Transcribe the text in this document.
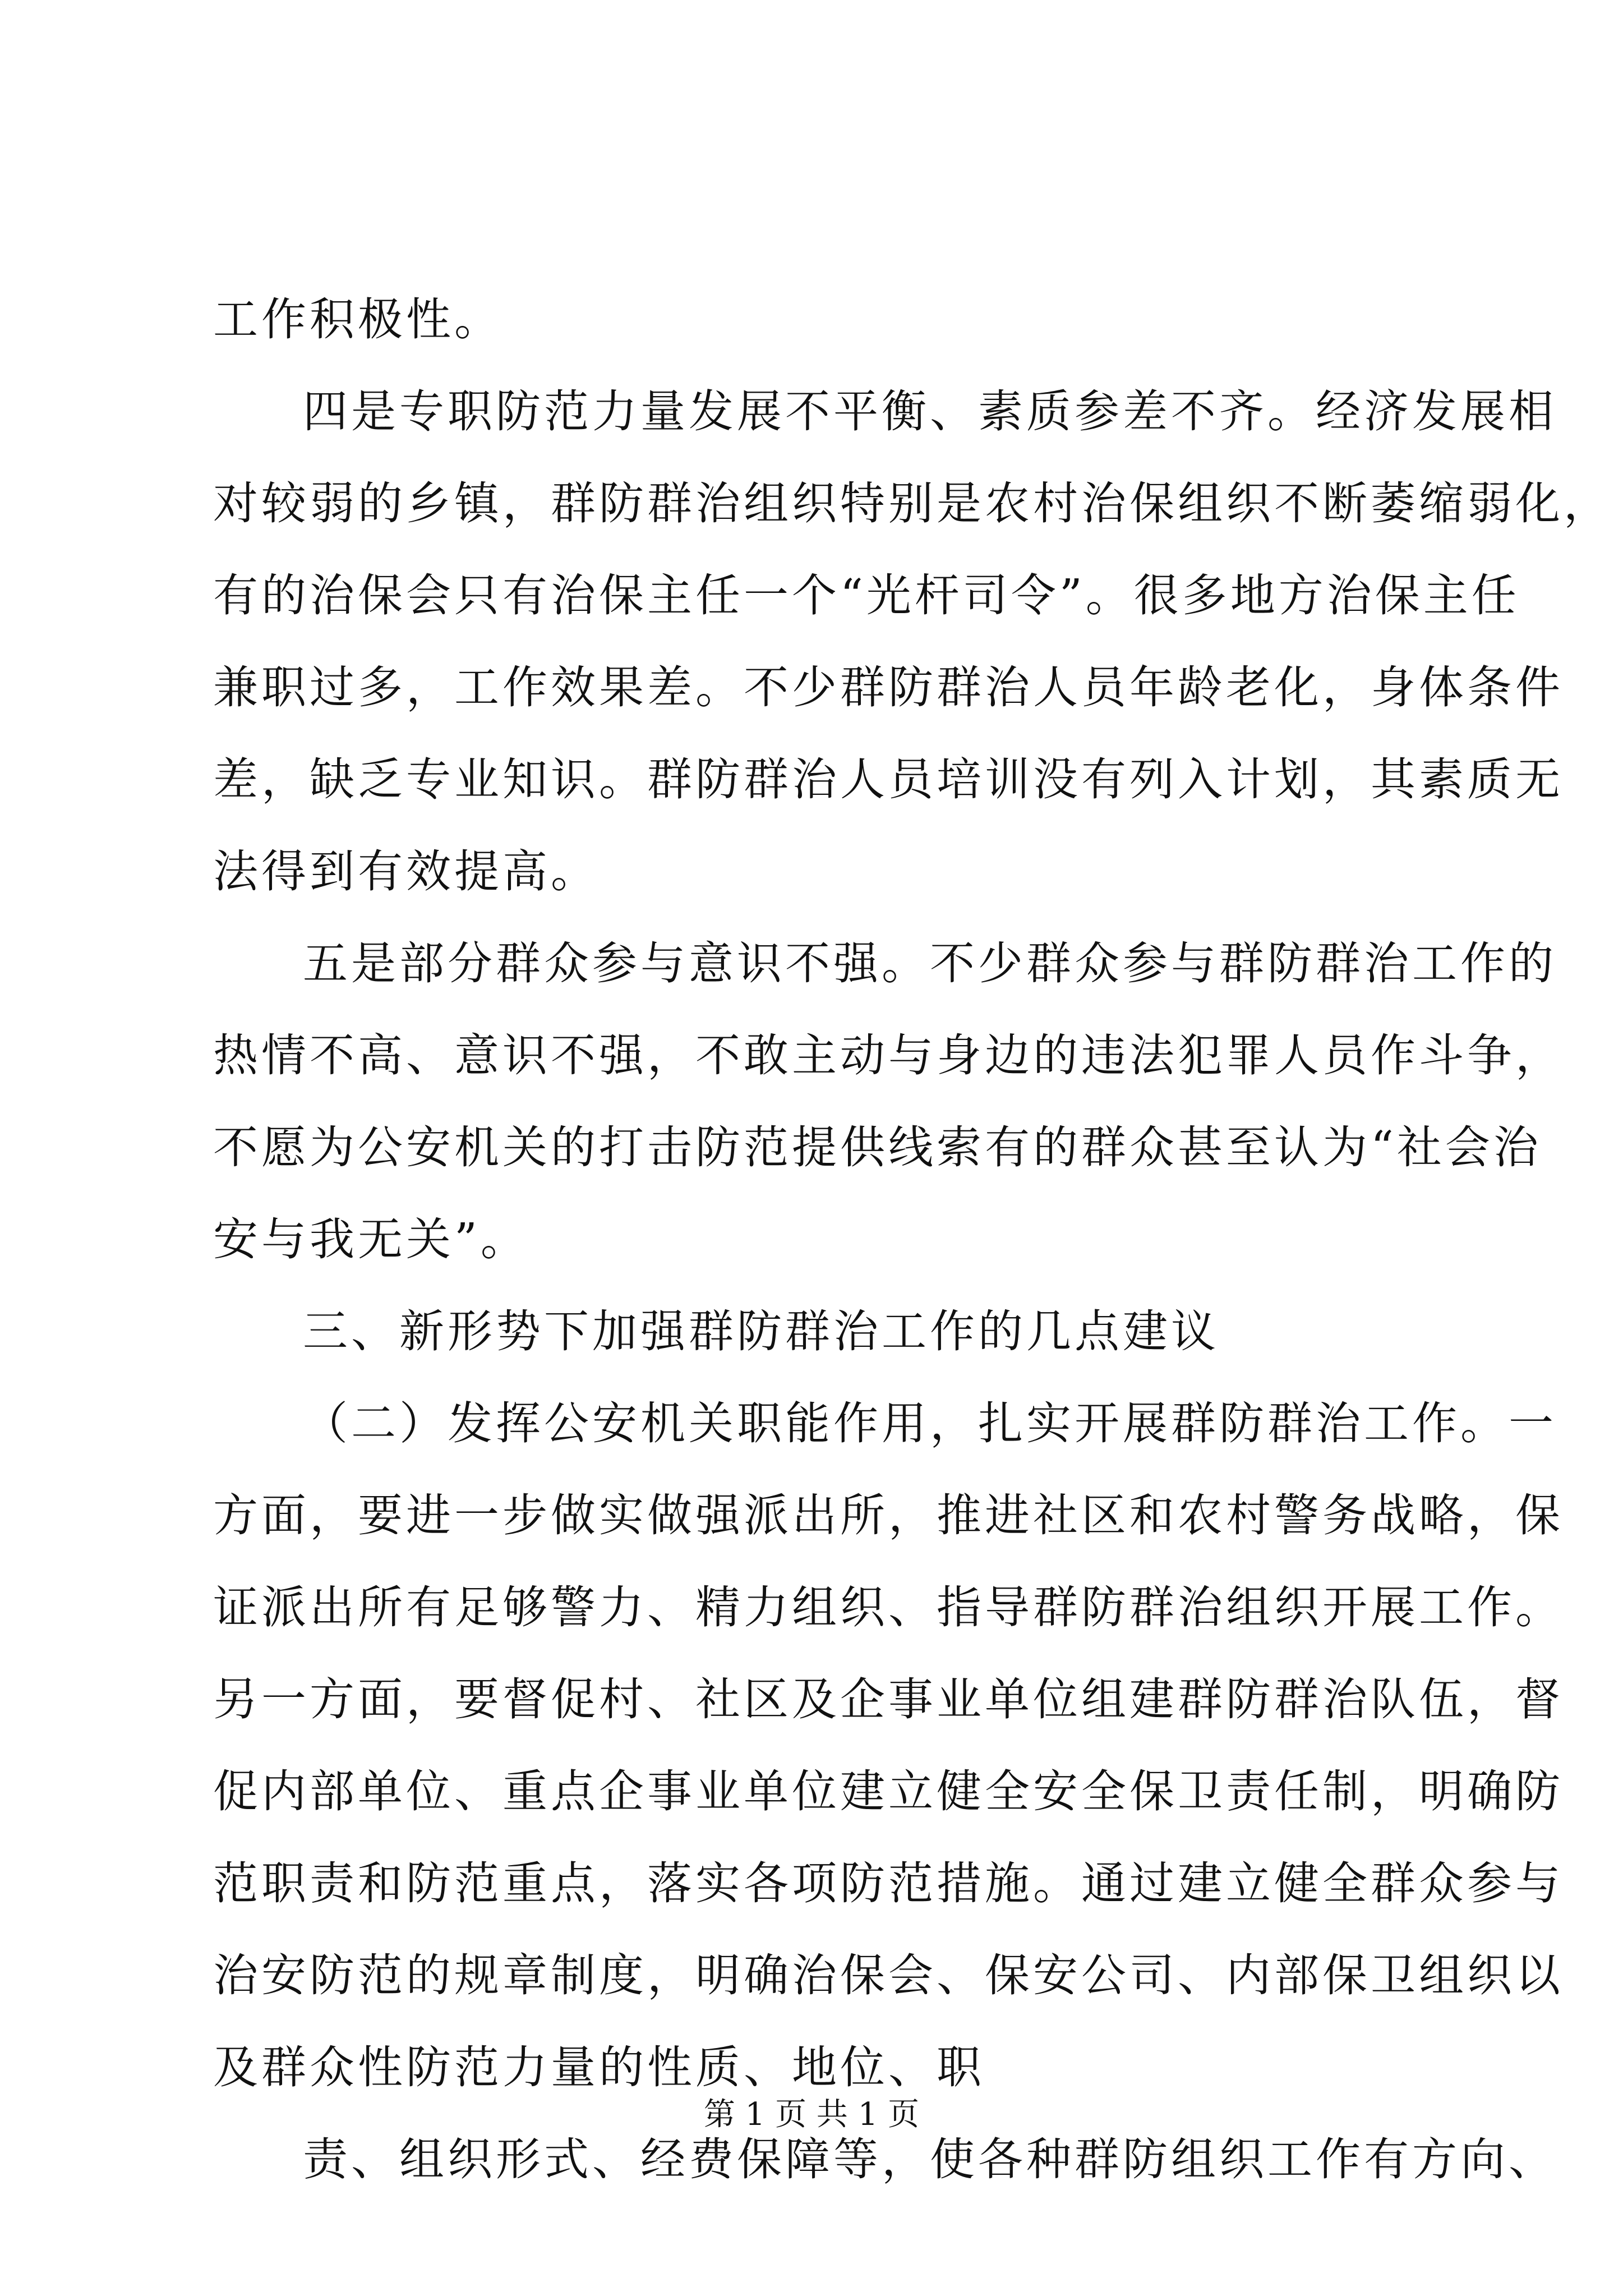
工作积极性。
四是专职防范力量发展不平衡、素质参差不齐。经济发展相
对较弱的乡镇，群防群治组织特别是农村治保组织不断萎缩弱化，
有的治保会只有治保主任一个“光杆司令”。很多地方治保主任
兼职过多，工作效果差。不少群防群治人员年龄老化，身体条件
差，缺乏专业知识。群防群治人员培训没有列入计划，其素质无
法得到有效提高。
五是部分群众参与意识不强。不少群众参与群防群治工作的
热情不高、意识不强，不敢主动与身边的违法犯罪人员作斗争，
不愿为公安机关的打击防范提供线索有的群众甚至认为“社会治
安与我无关”。
三、新形势下加强群防群治工作的几点建议
（二）发挥公安机关职能作用，扎实开展群防群治工作。一
方面，要进一步做实做强派出所，推进社区和农村警务战略，保
证派出所有足够警力、精力组织、指导群防群治组织开展工作。
另一方面，要督促村、社区及企事业单位组建群防群治队伍，督
促内部单位、重点企事业单位建立健全安全保卫责任制，明确防
范职责和防范重点，落实各项防范措施。通过建立健全群众参与
治安防范的规章制度，明确治保会、保安公司、内部保卫组织以
及群众性防范力量的性质、地位、职
责、组织形式、经费保障等，使各种群防组织工作有方向、
第 1 页 共 1 页
